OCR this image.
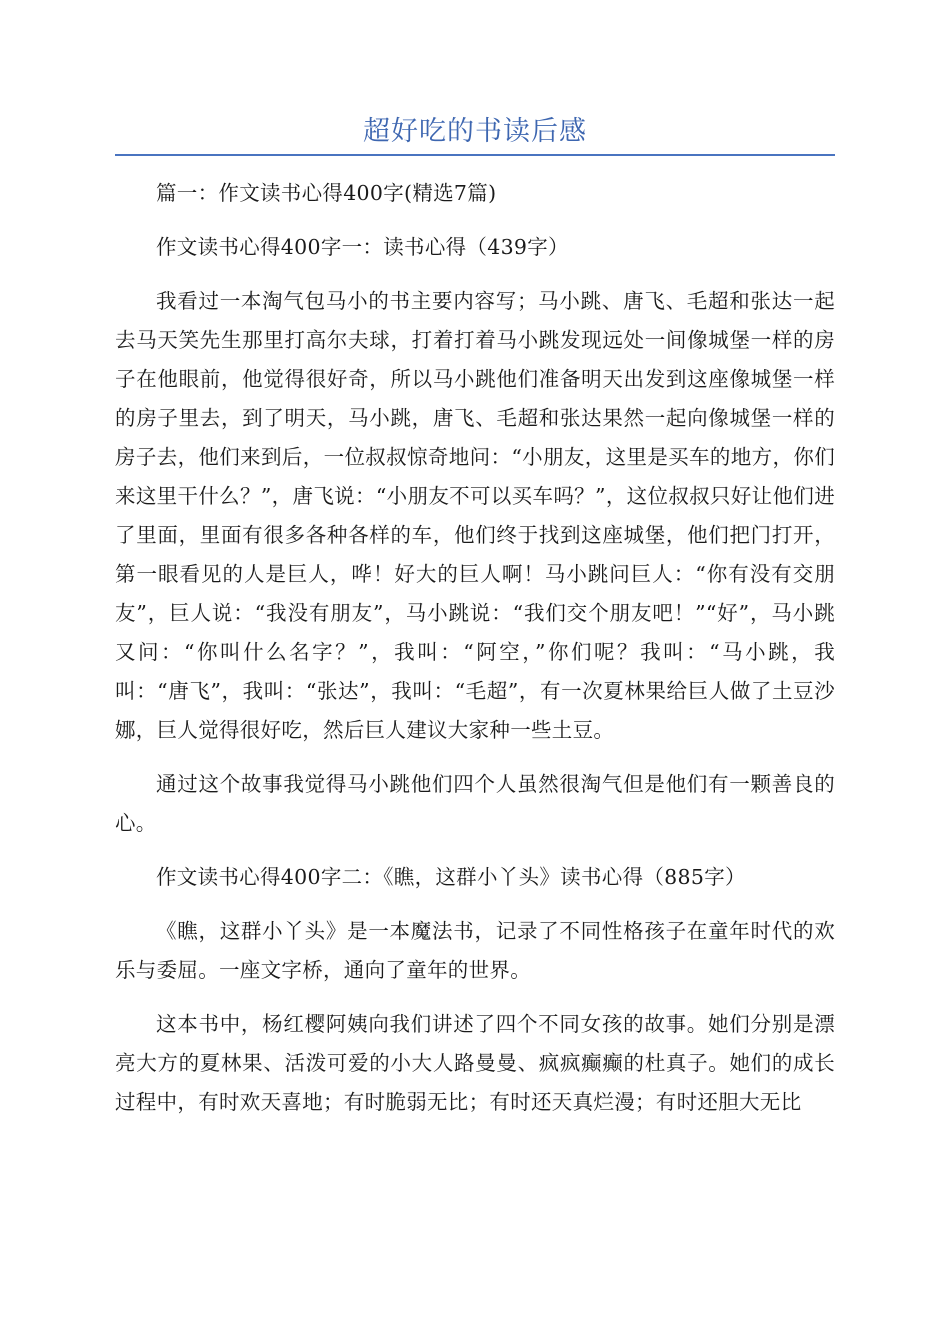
超好吃的书读后感

篇一：作文读书心得400字(精选7篇)

作文读书心得400字一：读书心得（439字）

我看过一本淘气包马小的书主要内容写；马小跳、唐飞、毛超和张达一起去马天笑先生那里打高尔夫球，打着打着马小跳发现远处一间像城堡一样的房子在他眼前，他觉得很好奇，所以马小跳他们准备明天出发到这座像城堡一样的房子里去，到了明天，马小跳，唐飞、毛超和张达果然一起向像城堡一样的房子去，他们来到后，一位叔叔惊奇地问：“小朋友，这里是买车的地方，你们来这里干什么？”，唐飞说：“小朋友不可以买车吗？”，这位叔叔只好让他们进了里面，里面有很多各种各样的车，他们终于找到这座城堡，他们把门打开，第一眼看见的人是巨人，哗！好大的巨人啊！马小跳问巨人：“你有没有交朋友”，巨人说：“我没有朋友”，马小跳说：“我们交个朋友吧！”“好”，马小跳又问：“你叫什么名字？”，我叫：“阿空，”你们呢？我叫：“马小跳，我叫：“唐飞”，我叫：“张达”，我叫：“毛超”，有一次夏林果给巨人做了土豆沙娜，巨人觉得很好吃，然后巨人建议大家种一些土豆。

通过这个故事我觉得马小跳他们四个人虽然很淘气但是他们有一颗善良的心。

作文读书心得400字二：《瞧，这群小丫头》读书心得（885字）

《瞧，这群小丫头》是一本魔法书，记录了不同性格孩子在童年时代的欢乐与委屈。一座文字桥，通向了童年的世界。

这本书中，杨红樱阿姨向我们讲述了四个不同女孩的故事。她们分别是漂亮大方的夏林果、活泼可爱的小大人路曼曼、疯疯癫癫的杜真子。她们的成长过程中，有时欢天喜地；有时脆弱无比；有时还天真烂漫；有时还胆大无比
